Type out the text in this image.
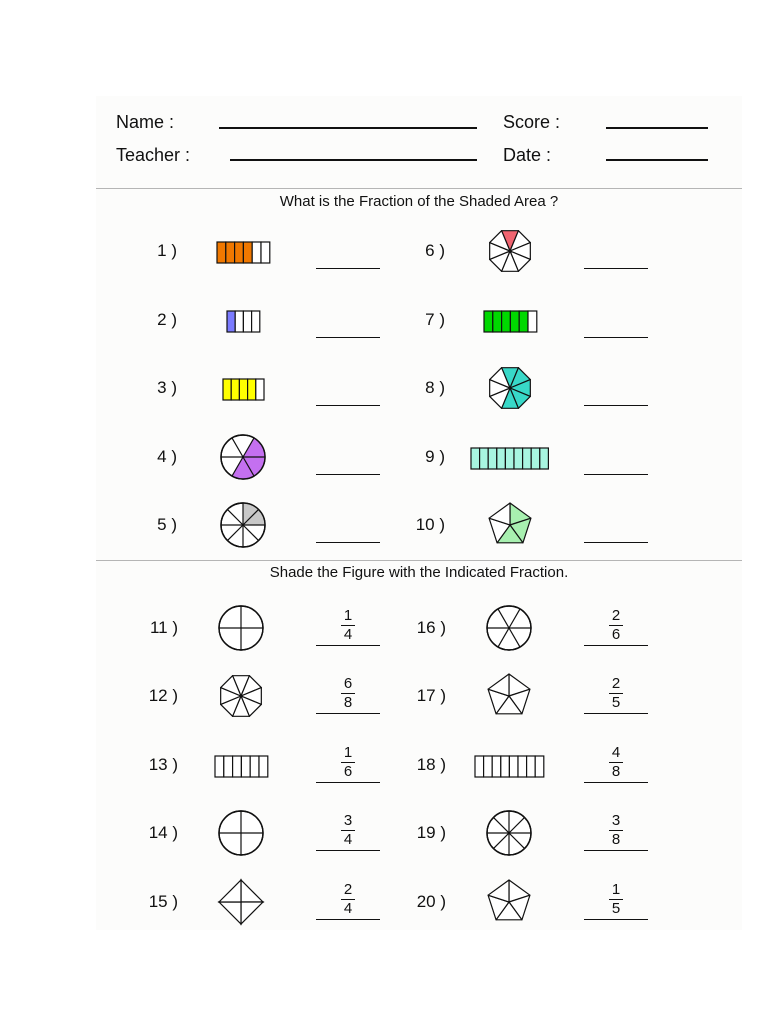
Name :	Score :
Teacher :	Date :
What is the Fraction of the Shaded Area ?
1 )
2 )
3 )
4 )
5 )
6 )
7 )
8 )
9 )
10 )
Shade the Figure with the Indicated Fraction.
11 )
1
4
12 )
6
8
13 )
1
6
14 )
3
4
15 )
2
4
16 )
2
6
17 )
2
5
18 )
4
8
19 )
3
8
20 )
1
5
